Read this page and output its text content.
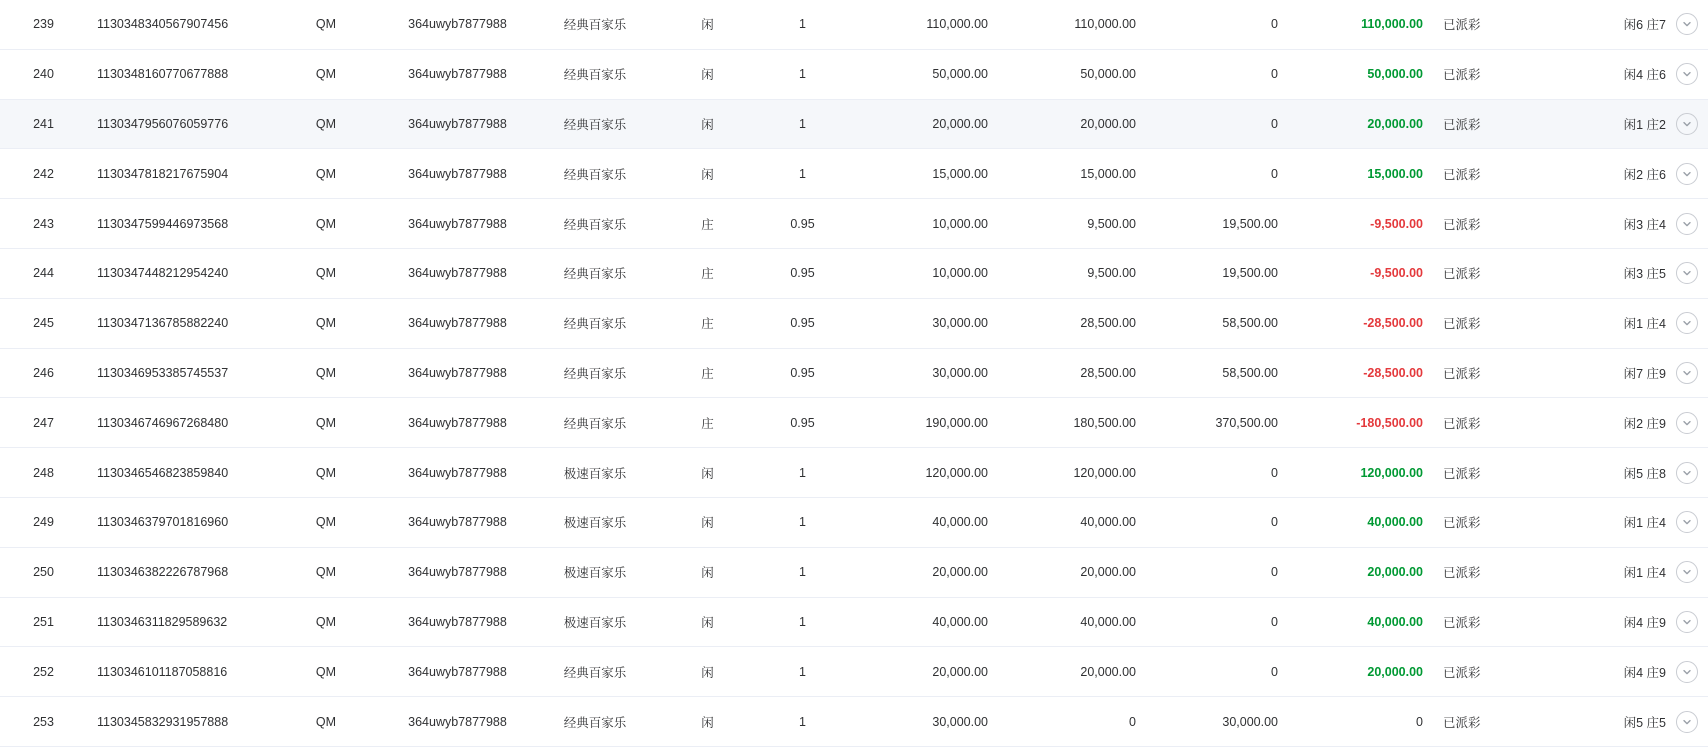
239	1130348340567907456	QM	364uwyb7877988	经典百家乐	闲	1	110,000.00	110,000.00	0	110,000.00	已派彩	闲6 庄7

240	1130348160770677888	QM	364uwyb7877988	经典百家乐	闲	1	50,000.00	50,000.00	0	50,000.00	已派彩	闲4 庄6

241	1130347956076059776	QM	364uwyb7877988	经典百家乐	闲	1	20,000.00	20,000.00	0	20,000.00	已派彩	闲1 庄2

242	1130347818217675904	QM	364uwyb7877988	经典百家乐	闲	1	15,000.00	15,000.00	0	15,000.00	已派彩	闲2 庄6

243	1130347599446973568	QM	364uwyb7877988	经典百家乐	庄	0.95	10,000.00	9,500.00	19,500.00	-9,500.00	已派彩	闲3 庄4

244	1130347448212954240	QM	364uwyb7877988	经典百家乐	庄	0.95	10,000.00	9,500.00	19,500.00	-9,500.00	已派彩	闲3 庄5

245	1130347136785882240	QM	364uwyb7877988	经典百家乐	庄	0.95	30,000.00	28,500.00	58,500.00	-28,500.00	已派彩	闲1 庄4

246	1130346953385745537	QM	364uwyb7877988	经典百家乐	庄	0.95	30,000.00	28,500.00	58,500.00	-28,500.00	已派彩	闲7 庄9

247	1130346746967268480	QM	364uwyb7877988	经典百家乐	庄	0.95	190,000.00	180,500.00	370,500.00	-180,500.00	已派彩	闲2 庄9

248	1130346546823859840	QM	364uwyb7877988	极速百家乐	闲	1	120,000.00	120,000.00	0	120,000.00	已派彩	闲5 庄8

249	1130346379701816960	QM	364uwyb7877988	极速百家乐	闲	1	40,000.00	40,000.00	0	40,000.00	已派彩	闲1 庄4

250	1130346382226787968	QM	364uwyb7877988	极速百家乐	闲	1	20,000.00	20,000.00	0	20,000.00	已派彩	闲1 庄4

251	1130346311829589632	QM	364uwyb7877988	极速百家乐	闲	1	40,000.00	40,000.00	0	40,000.00	已派彩	闲4 庄9

252	1130346101187058816	QM	364uwyb7877988	经典百家乐	闲	1	20,000.00	20,000.00	0	20,000.00	已派彩	闲4 庄9

253	1130345832931957888	QM	364uwyb7877988	经典百家乐	闲	1	30,000.00	0	30,000.00	0	已派彩	闲5 庄5
